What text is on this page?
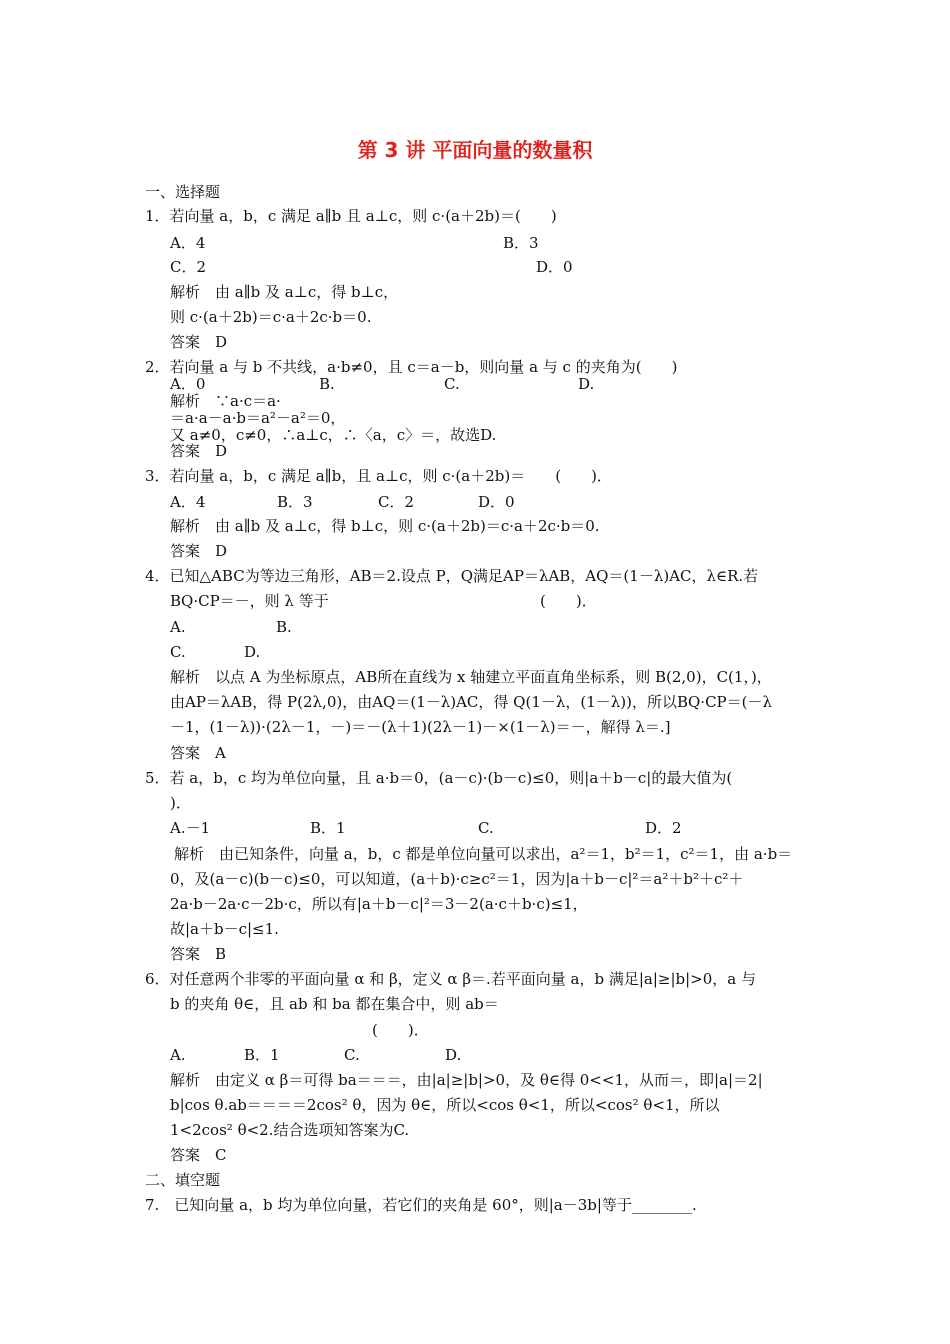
第 3 讲 平面向量的数量积
一、选择题
1．若向量 a，b，c 满足 a∥b 且 a⊥c，则 c·(a＋2b)＝(　　)
A．4	B．3
C．2	D．0
解析　由 a∥b 及 a⊥c，得 b⊥c，
则 c·(a＋2b)＝c·a＋2c·b＝0.
答案　D
2．若向量 a 与 b 不共线，a·b≠0，且 c＝a－b，则向量 a 与 c 的夹角为(　　)
A．0	B.	C.	D.
解析　∵a·c＝a·
＝a·a－a·b＝a²－a²＝0，
又 a≠0，c≠0，∴a⊥c，∴〈a，c〉＝，故选D.
答案　D
3．若向量 a，b，c 满足 a∥b，且 a⊥c，则 c·(a＋2b)＝　　(　　)．
A．4	B．3	C．2	D．0
解析　由 a∥b 及 a⊥c，得 b⊥c，则 c·(a＋2b)＝c·a＋2c·b＝0.
答案　D
4．已知△ABC为等边三角形，AB＝2.设点 P，Q满足AP＝λAB，AQ＝(1－λ)AC，λ∈R.若
BQ·CP＝－，则 λ 等于	(　　)．
A.	B.
C.	D.
解析　以点 A 为坐标原点，AB所在直线为 x 轴建立平面直角坐标系，则 B(2,0)，C(1，)，
由AP＝λAB，得 P(2λ,0)，由AQ＝(1－λ)AC，得 Q(1－λ，(1－λ))，所以BQ·CP＝(－λ
－1，(1－λ))·(2λ－1，－)＝－(λ＋1)(2λ－1)－×(1－λ)＝－，解得 λ＝.]
答案　A
5．若 a，b，c 均为单位向量，且 a·b＝0，(a－c)·(b－c)≤0，则|a＋b－c|的最大值为(
)．
A.－1	B．1	C.	D．2
解析　由已知条件，向量 a，b，c 都是单位向量可以求出，a²＝1，b²＝1，c²＝1，由 a·b＝
0，及(a－c)(b－c)≤0，可以知道，(a＋b)·c≥c²＝1，因为|a＋b－c|²＝a²＋b²＋c²＋
2a·b－2a·c－2b·c，所以有|a＋b－c|²＝3－2(a·c＋b·c)≤1，
故|a＋b－c|≤1.
答案　B
6．对任意两个非零的平面向量 α 和 β，定义 α β＝.若平面向量 a，b 满足|a|≥|b|>0，a 与
b 的夹角 θ∈，且 ab 和 ba 都在集合中，则 ab＝
(　　)．
A.	B．1	C.	D.
解析　由定义 α β＝可得 ba＝＝＝，由|a|≥|b|>0，及 θ∈得 0<<1，从而＝，即|a|＝2|
b|cos θ.ab＝＝＝＝2cos² θ，因为 θ∈，所以<cos θ<1，所以<cos² θ<1，所以
1<2cos² θ<2.结合选项知答案为C.
答案　C
二、填空题
7.　已知向量 a，b 均为单位向量，若它们的夹角是 60°，则|a－3b|等于________.
